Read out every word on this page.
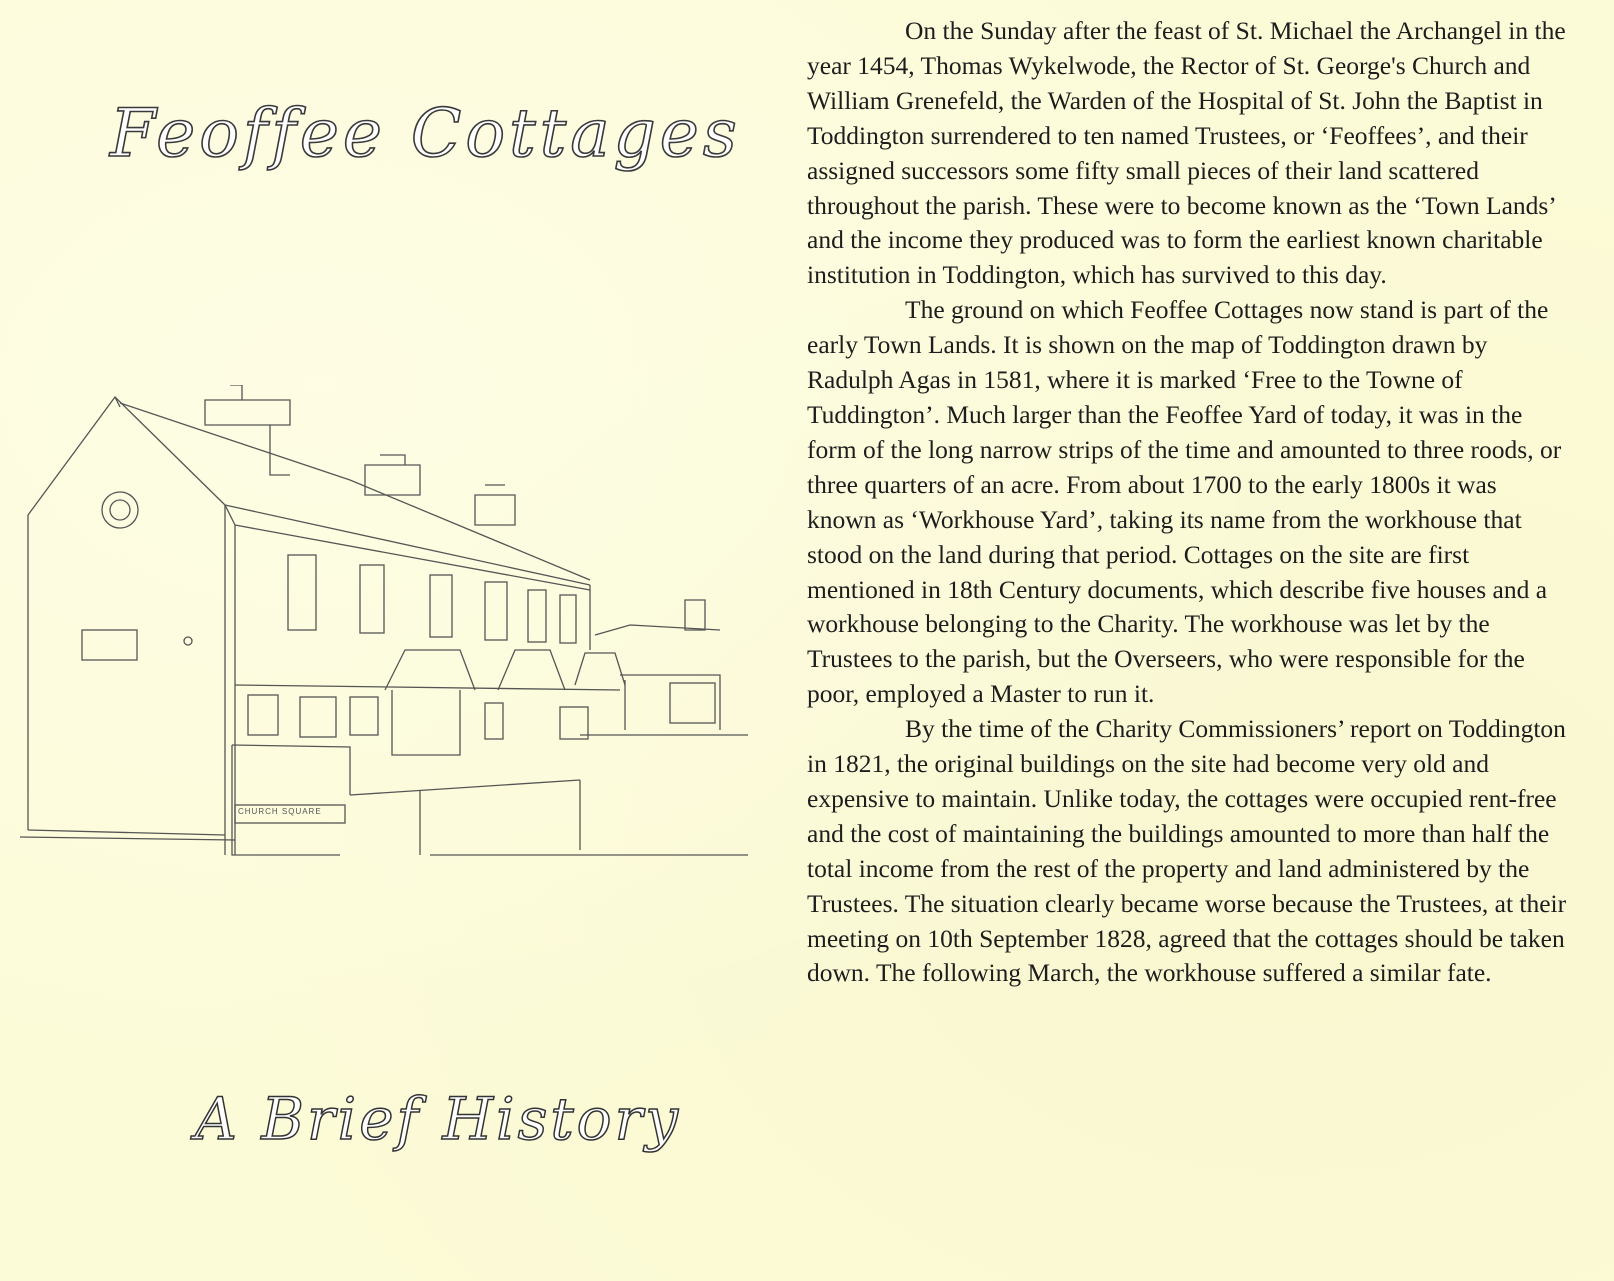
Feoffee Cottages
CHURCH SQUARE
A Brief History

On the Sunday after the feast of St. Michael the Archangel in the year 1454, Thomas Wykelwode, the Rector of St. George's Church and William Grenefeld, the Warden of the Hospital of St. John the Baptist in Toddington surrendered to ten named Trustees, or ‘Feoffees’, and their assigned successors some fifty small pieces of their land scattered throughout the parish. These were to become known as the ‘Town Lands’ and the income they produced was to form the earliest known charitable institution in Toddington, which has survived to this day.

The ground on which Feoffee Cottages now stand is part of the early Town Lands. It is shown on the map of Toddington drawn by Radulph Agas in 1581, where it is marked ‘Free to the Towne of Tuddington’. Much larger than the Feoffee Yard of today, it was in the form of the long narrow strips of the time and amounted to three roods, or three quarters of an acre. From about 1700 to the early 1800s it was known as ‘Workhouse Yard’, taking its name from the workhouse that stood on the land during that period. Cottages on the site are first mentioned in 18th Century documents, which describe five houses and a workhouse belonging to the Charity. The workhouse was let by the Trustees to the parish, but the Overseers, who were responsible for the poor, employed a Master to run it.

By the time of the Charity Commissioners’ report on Toddington in 1821, the original buildings on the site had become very old and expensive to maintain. Unlike today, the cottages were occupied rent-free and the cost of maintaining the buildings amounted to more than half the total income from the rest of the property and land administered by the Trustees. The situation clearly became worse because the Trustees, at their meeting on 10th September 1828, agreed that the cottages should be taken down. The following March, the workhouse suffered a similar fate.
